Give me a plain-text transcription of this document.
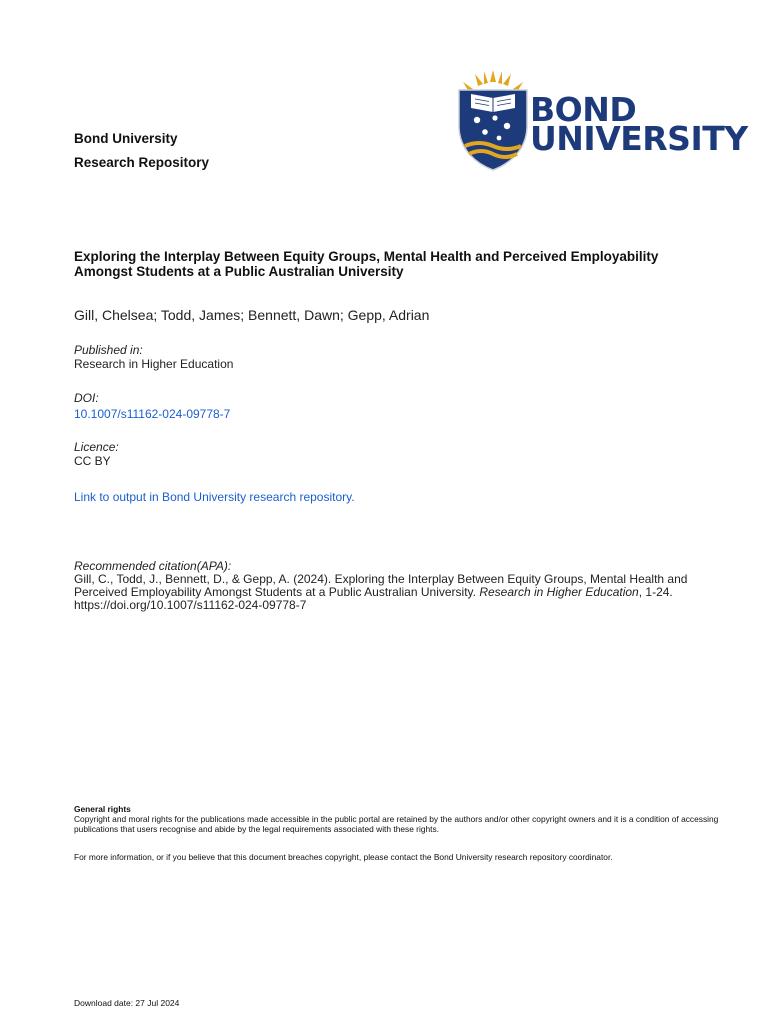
BOND
UNIVERSITY
Bond University
Research Repository
Exploring the Interplay Between Equity Groups, Mental Health and Perceived Employability Amongst Students at a Public Australian University
Gill, Chelsea; Todd, James; Bennett, Dawn; Gepp, Adrian
Published in:
Research in Higher Education
DOI:
10.1007/s11162-024-09778-7
Licence:
CC BY
Link to output in Bond University research repository.
Recommended citation(APA):
Gill, C., Todd, J., Bennett, D., & Gepp, A. (2024). Exploring the Interplay Between Equity Groups, Mental Health and Perceived Employability Amongst Students at a Public Australian University. Research in Higher Education, 1-24. https://doi.org/10.1007/s11162-024-09778-7
General rights
Copyright and moral rights for the publications made accessible in the public portal are retained by the authors and/or other copyright owners and it is a condition of accessing publications that users recognise and abide by the legal requirements associated with these rights.
For more information, or if you believe that this document breaches copyright, please contact the Bond University research repository coordinator.
Download date: 27 Jul 2024
